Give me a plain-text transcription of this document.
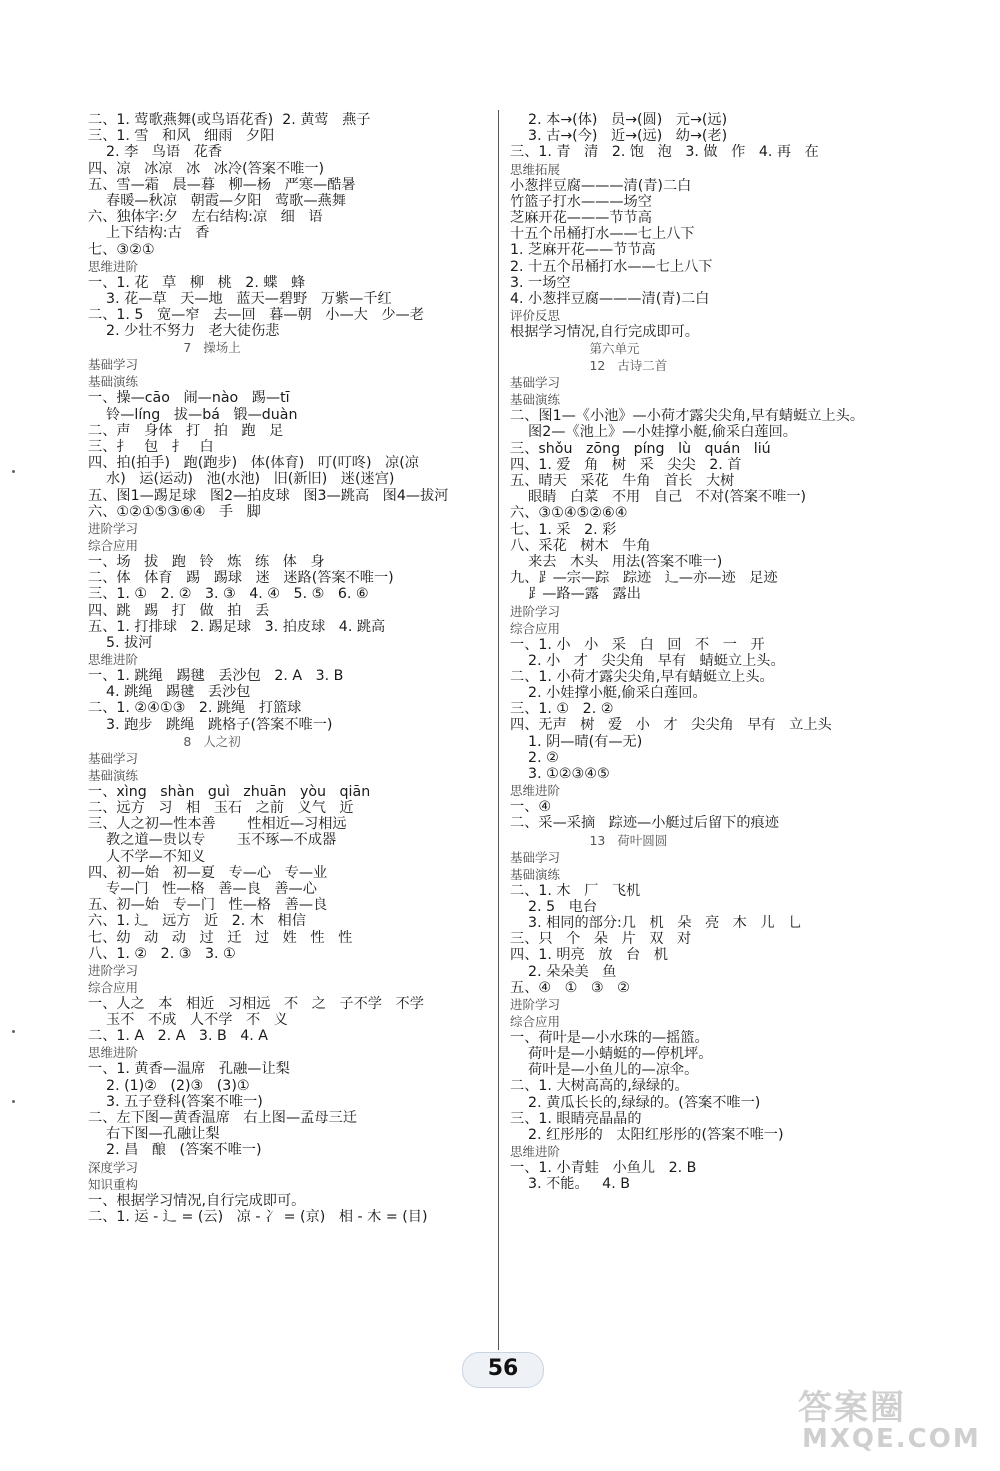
二、1. 莺歌燕舞(或鸟语花香)  2. 黄莺   燕子
三、1. 雪   和风   细雨   夕阳
2. 李   鸟语   花香
四、凉   冰凉   冰   冰冷(答案不唯一)
五、雪—霜   晨—暮   柳—杨   严寒—酷暑
春暖—秋凉   朝霞—夕阳   莺歌—燕舞
六、独体字:夕   左右结构:凉   细   语
上下结构:古   香
七、③②①
思维进阶
一、1. 花   草   柳   桃   2. 蝶   蜂
3. 花—草   天—地   蓝天—碧野   万紫—千红
二、1. 5   宽—窄   去—回   暮—朝   小—大   少—老
2. 少壮不努力   老大徒伤悲
7   操场上
基础学习
基础演练
一、操—cāo   闹—nào   踢—tī
铃—líng   拔—bá   锻—duàn
二、声   身体   打   拍   跑   足
三、扌   包   扌   白
四、拍(拍手)   跑(跑步)   体(体育)   叮(叮咚)   凉(凉
水)   运(运动)   池(水池)   旧(新旧)   迷(迷宫)
五、图1—踢足球   图2—拍皮球   图3—跳高   图4—拔河
六、①②①⑤③⑥④   手   脚
进阶学习
综合应用
一、场   拔   跑   铃   炼   练   体   身
二、体   体育   踢   踢球   迷   迷路(答案不唯一)
三、1. ①   2. ②   3. ③   4. ④   5. ⑤   6. ⑥
四、跳   踢   打   做   拍   丢
五、1. 打排球   2. 踢足球   3. 拍皮球   4. 跳高
5. 拔河
思维进阶
一、1. 跳绳   踢毽   丢沙包   2. A   3. B
4. 跳绳   踢毽   丢沙包
二、1. ②④①③   2. 跳绳   打篮球
3. 跑步   跳绳   跳格子(答案不唯一)
8   人之初
基础学习
基础演练
一、xìng   shàn   guì   zhuān   yòu   qiān
二、远方   习   相   玉石   之前   义气   近
三、人之初—性本善       性相近—习相远
教之道—贵以专       玉不琢—不成器
人不学—不知义
四、初—始   初—夏   专—心   专—业
专—门   性—格   善—良   善—心
五、初—始   专—门   性—格   善—良
六、1. 辶   远方   近   2. 木   相信
七、幼   动   动   过   迁   过   姓   性   性
八、1. ②   2. ③   3. ①
进阶学习
综合应用
一、人之   本   相近   习相远   不   之   子不学   不学
玉不   不成   人不学   不   义
二、1. A   2. A   3. B   4. A
思维进阶
一、1. 黄香—温席   孔融—让梨
2. (1)②   (2)③   (3)①
3. 五子登科(答案不唯一)
二、左下图—黄香温席   右上图—孟母三迁
右下图—孔融让梨
2. 昌   酿   (答案不唯一)
深度学习
知识重构
一、根据学习情况,自行完成即可。
二、1. 运 - 辶 = (云)   凉 - 冫 = (京)   相 - 木 = (目)
2. 本→(体)   员→(圆)   元→(远)
3. 古→(今)   近→(远)   幼→(老)
三、1. 青   清   2. 饱   泡   3. 做   作   4. 再   在
思维拓展
小葱拌豆腐———清(青)二白
竹篮子打水———场空
芝麻开花———节节高
十五个吊桶打水——七上八下
1. 芝麻开花——节节高
2. 十五个吊桶打水——七上八下
3. 一场空
4. 小葱拌豆腐———清(青)二白
评价反思
根据学习情况,自行完成即可。
第六单元
12   古诗二首
基础学习
基础演练
二、图1—《小池》—小荷才露尖尖角,早有蜻蜓立上头。
图2—《池上》—小娃撑小艇,偷采白莲回。
三、shǒu   zōng   píng   lù   quán   liú
四、1. 爱   角   树   采   尖尖   2. 首
五、晴天   采花   牛角   首长   大树
眼睛   白菜   不用   自己   不对(答案不唯一)
六、③①④⑤②⑥④
七、1. 采   2. 彩
八、采花   树木   牛角
来去   木头   用法(答案不唯一)
九、⻊—宗—踪   踪迹   辶—亦—迹   足迹
⻊—路—露   露出
进阶学习
综合应用
一、1. 小   小   采   白   回   不   一   开
2. 小   才   尖尖角   早有   蜻蜓立上头。
二、1. 小荷才露尖尖角,早有蜻蜓立上头。
2. 小娃撑小艇,偷采白莲回。
三、1. ①   2. ②
四、无声   树   爱   小   才   尖尖角   早有   立上头
1. 阴—晴(有—无)
2. ②
3. ①②③④⑤
思维进阶
一、④
二、采—采摘   踪迹—小艇过后留下的痕迹
13   荷叶圆圆
基础学习
基础演练
二、1. 木   厂   飞机
2. 5   电台
3. 相同的部分:几   机   朵   亮   木   儿   乚
三、只   个   朵   片   双   对
四、1. 明亮   放   台   机
2. 朵朵美   鱼
五、④   ①   ③   ②
进阶学习
综合应用
一、荷叶是—小水珠的—摇篮。
荷叶是—小蜻蜓的—停机坪。
荷叶是—小鱼儿的—凉伞。
二、1. 大树高高的,绿绿的。
2. 黄瓜长长的,绿绿的。(答案不唯一)
三、1. 眼睛亮晶晶的
2. 红彤彤的   太阳红彤彤的(答案不唯一)
思维进阶
一、1. 小青蛙   小鱼儿   2. B
3. 不能。   4. B
56
答案圈
MXQE.COM
